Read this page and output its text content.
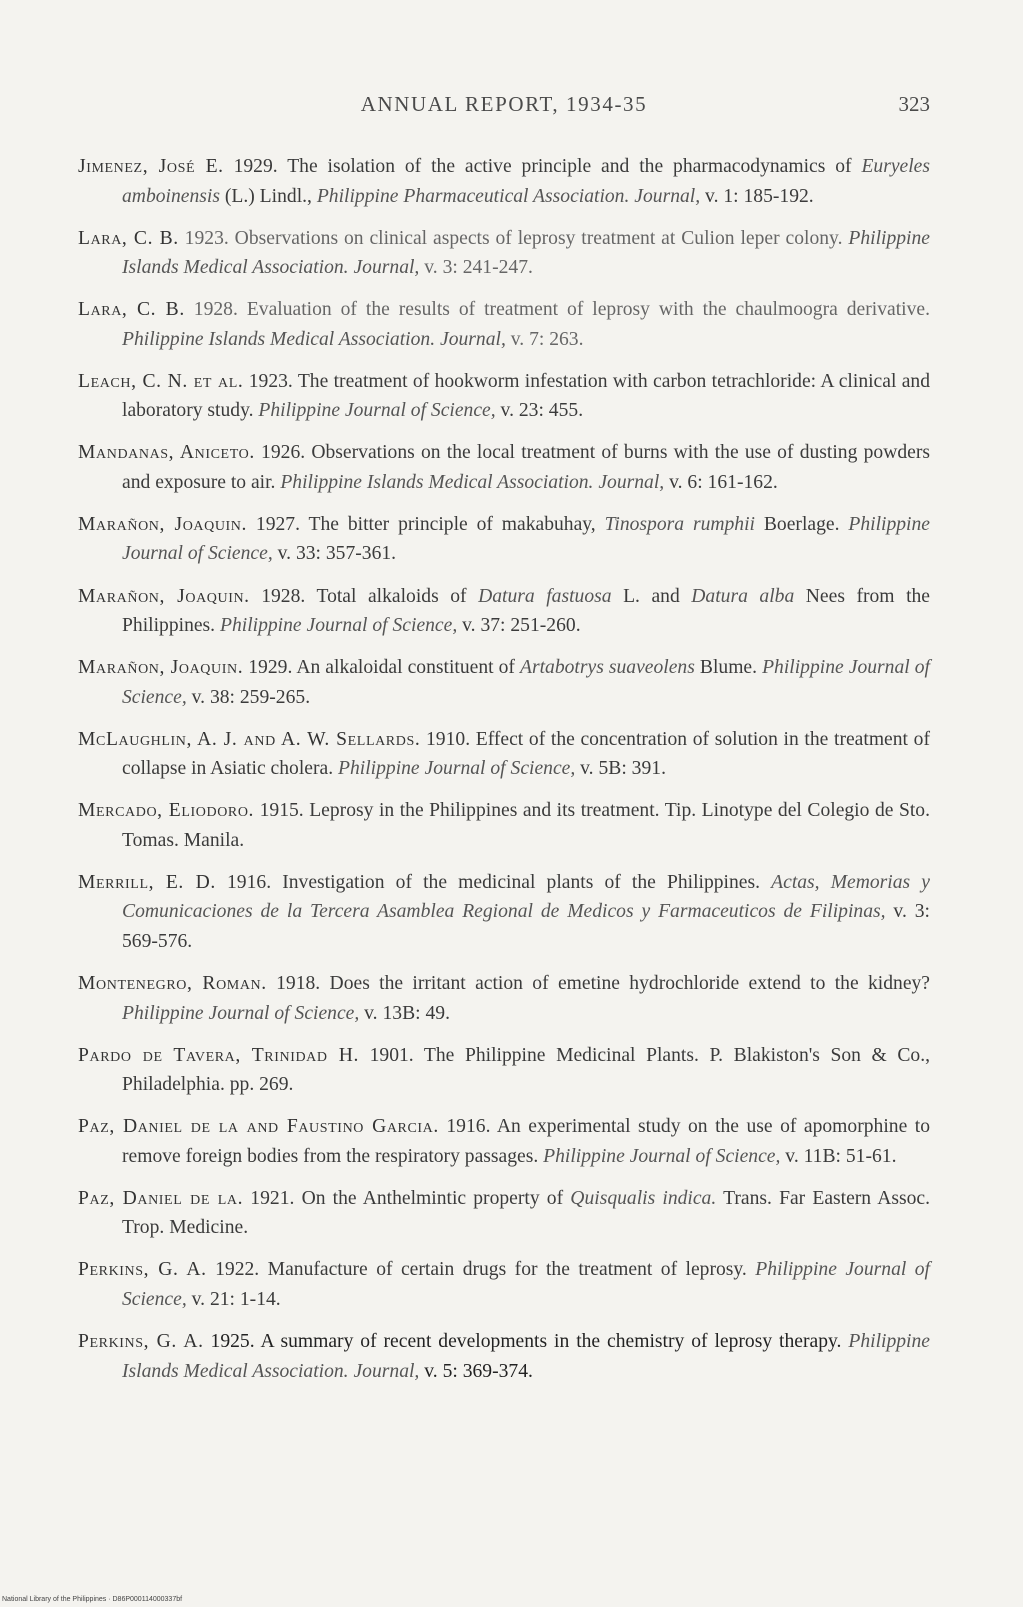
ANNUAL REPORT, 1934-35	323

Jimenez, José E. 1929. The isolation of the active principle and the pharmacodynamics of Euryeles amboinensis (L.) Lindl., Philippine Pharmaceutical Association. Journal, v. 1: 185-192.

Lara, C. B. 1923. Observations on clinical aspects of leprosy treatment at Culion leper colony. Philippine Islands Medical Association. Journal, v. 3: 241-247.

Lara, C. B. 1928. Evaluation of the results of treatment of leprosy with the chaulmoogra derivative. Philippine Islands Medical Association. Journal, v. 7: 263.

Leach, C. N. et al. 1923. The treatment of hookworm infestation with carbon tetrachloride: A clinical and laboratory study. Philippine Journal of Science, v. 23: 455.

Mandanas, Aniceto. 1926. Observations on the local treatment of burns with the use of dusting powders and exposure to air. Philippine Islands Medical Association. Journal, v. 6: 161-162.

Marañon, Joaquin. 1927. The bitter principle of makabuhay, Tinospora rumphii Boerlage. Philippine Journal of Science, v. 33: 357-361.

Marañon, Joaquin. 1928. Total alkaloids of Datura fastuosa L. and Datura alba Nees from the Philippines. Philippine Journal of Science, v. 37: 251-260.

Marañon, Joaquin. 1929. An alkaloidal constituent of Artabotrys suaveolens Blume. Philippine Journal of Science, v. 38: 259-265.

McLaughlin, A. J. and A. W. Sellards. 1910. Effect of the concentration of solution in the treatment of collapse in Asiatic cholera. Philippine Journal of Science, v. 5B: 391.

Mercado, Eliodoro. 1915. Leprosy in the Philippines and its treatment. Tip. Linotype del Colegio de Sto. Tomas. Manila.

Merrill, E. D. 1916. Investigation of the medicinal plants of the Philippines. Actas, Memorias y Comunicaciones de la Tercera Asamblea Regional de Medicos y Farmaceuticos de Filipinas, v. 3: 569-576.

Montenegro, Roman. 1918. Does the irritant action of emetine hydrochloride extend to the kidney? Philippine Journal of Science, v. 13B: 49.

Pardo de Tavera, Trinidad H. 1901. The Philippine Medicinal Plants. P. Blakiston's Son & Co., Philadelphia. pp. 269.

Paz, Daniel de la and Faustino Garcia. 1916. An experimental study on the use of apomorphine to remove foreign bodies from the respiratory passages. Philippine Journal of Science, v. 11B: 51-61.

Paz, Daniel de la. 1921. On the Anthelmintic property of Quisqualis indica. Trans. Far Eastern Assoc. Trop. Medicine.

Perkins, G. A. 1922. Manufacture of certain drugs for the treatment of leprosy. Philippine Journal of Science, v. 21: 1-14.

Perkins, G. A. 1925. A summary of recent developments in the chemistry of leprosy therapy. Philippine Islands Medical Association. Journal, v. 5: 369-374.

National Library of the Philippines · D86P000114000337bf
